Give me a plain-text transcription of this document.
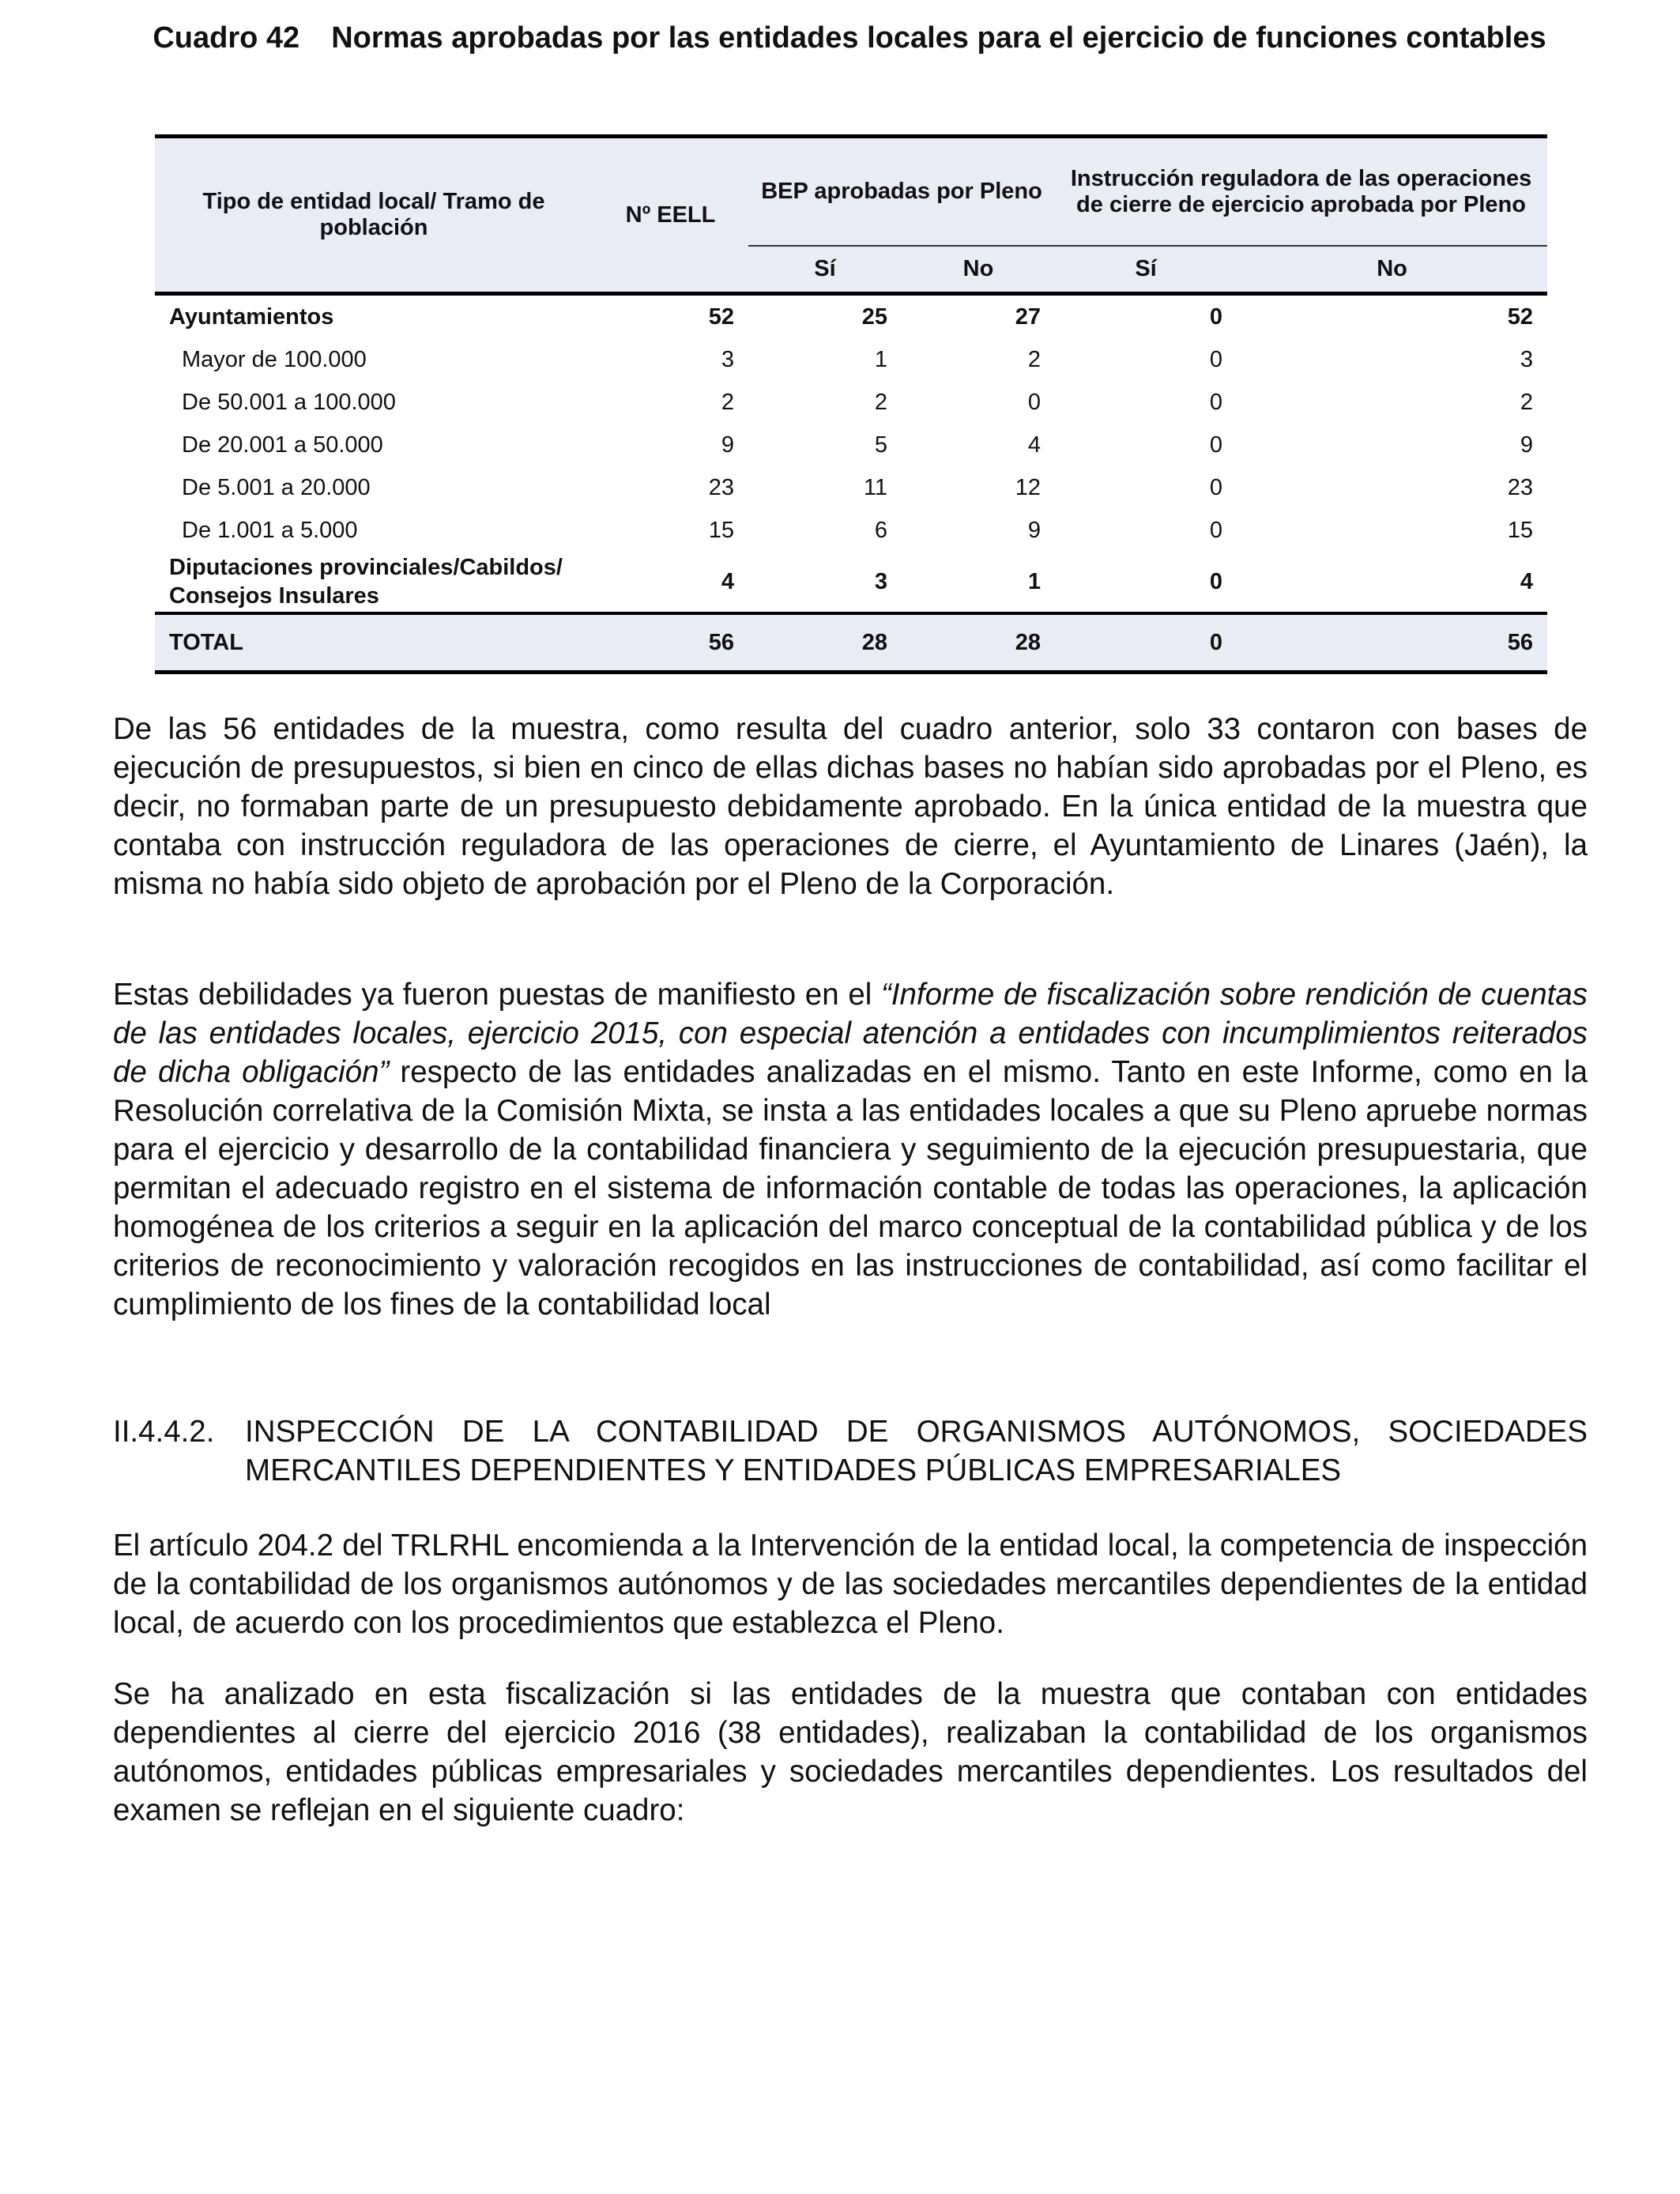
Cuadro 42 Normas aprobadas por las entidades locales para el ejercicio de funciones contables
Tipo de entidad local/ Tramo de población	Nº EELL	BEP aprobadas por Pleno		Instrucción reguladora de las operaciones de cierre de ejercicio aprobada por Pleno	
		Sí	No	Sí	No
Ayuntamientos	52	25	27	0	52
Mayor de 100.000	3	1	2	0	3
De 50.001 a 100.000	2	2	0	0	2
De 20.001 a 50.000	9	5	4	0	9
De 5.001 a 20.000	23	11	12	0	23
De 1.001 a 5.000	15	6	9	0	15
Diputaciones provinciales/Cabildos/ Consejos Insulares	4	3	1	0	4
TOTAL	56	28	28	0	56

De las 56 entidades de la muestra, como resulta del cuadro anterior, solo 33 contaron con bases de ejecución de presupuestos, si bien en cinco de ellas dichas bases no habían sido aprobadas por el Pleno, es decir, no formaban parte de un presupuesto debidamente aprobado. En la única entidad de la muestra que contaba con instrucción reguladora de las operaciones de cierre, el Ayuntamiento de Linares (Jaén), la misma no había sido objeto de aprobación por el Pleno de la Corporación.

Estas debilidades ya fueron puestas de manifiesto en el “Informe de fiscalización sobre rendición de cuentas de las entidades locales, ejercicio 2015, con especial atención a entidades con incumplimientos reiterados de dicha obligación” respecto de las entidades analizadas en el mismo. Tanto en este Informe, como en la Resolución correlativa de la Comisión Mixta, se insta a las entidades locales a que su Pleno apruebe normas para el ejercicio y desarrollo de la contabilidad financiera y seguimiento de la ejecución presupuestaria, que permitan el adecuado registro en el sistema de información contable de todas las operaciones, la aplicación homogénea de los criterios a seguir en la aplicación del marco conceptual de la contabilidad pública y de los criterios de reconocimiento y valoración recogidos en las instrucciones de contabilidad, así como facilitar el cumplimiento de los fines de la contabilidad local

II.4.4.2. INSPECCIÓN DE LA CONTABILIDAD DE ORGANISMOS AUTÓNOMOS, SOCIEDADES MERCANTILES DEPENDIENTES Y ENTIDADES PÚBLICAS EMPRESARIALES

El artículo 204.2 del TRLRHL encomienda a la Intervención de la entidad local, la competencia de inspección de la contabilidad de los organismos autónomos y de las sociedades mercantiles dependientes de la entidad local, de acuerdo con los procedimientos que establezca el Pleno.

Se ha analizado en esta fiscalización si las entidades de la muestra que contaban con entidades dependientes al cierre del ejercicio 2016 (38 entidades), realizaban la contabilidad de los organismos autónomos, entidades públicas empresariales y sociedades mercantiles dependientes. Los resultados del examen se reflejan en el siguiente cuadro:
